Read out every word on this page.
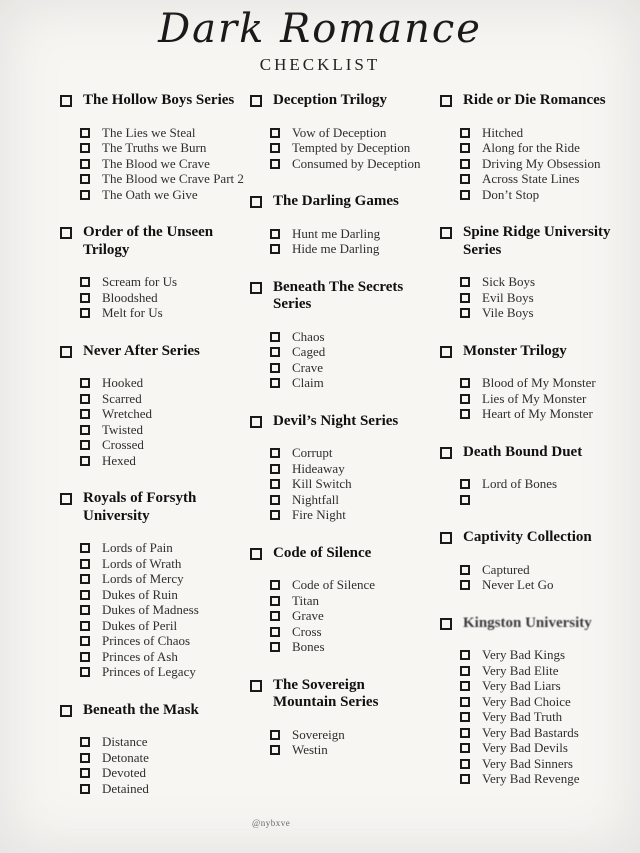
Dark Romance
CHECKLIST
The Hollow Boys Series
The Lies we Steal
The Truths we Burn
The Blood we Crave
The Blood we Crave Part 2
The Oath we Give
Order of the Unseen Trilogy
Scream for Us
Bloodshed
Melt for Us
Never After Series
Hooked
Scarred
Wretched
Twisted
Crossed
Hexed
Royals of Forsyth University
Lords of Pain
Lords of Wrath
Lords of Mercy
Dukes of Ruin
Dukes of Madness
Dukes of Peril
Princes of Chaos
Princes of Ash
Princes of Legacy
Beneath the Mask
Distance
Detonate
Devoted
Detained
Deception Trilogy
Vow of Deception
Tempted by Deception
Consumed by Deception
The Darling Games
Hunt me Darling
Hide me Darling
Beneath The Secrets Series
Chaos
Caged
Crave
Claim
Devil’s Night Series
Corrupt
Hideaway
Kill Switch
Nightfall
Fire Night
Code of Silence
Code of Silence
Titan
Grave
Cross
Bones
The Sovereign Mountain Series
Sovereign
Westin
Ride or Die Romances
Hitched
Along for the Ride
Driving My Obsession
Across State Lines
Don’t Stop
Spine Ridge University Series
Sick Boys
Evil Boys
Vile Boys
Monster Trilogy
Blood of My Monster
Lies of My Monster
Heart of My Monster
Death Bound Duet
Lord of Bones
Captivity Collection
Captured
Never Let Go
Kingston University
Very Bad Kings
Very Bad Elite
Very Bad Liars
Very Bad Choice
Very Bad Truth
Very Bad Bastards
Very Bad Devils
Very Bad Sinners
Very Bad Revenge
@nybxve
